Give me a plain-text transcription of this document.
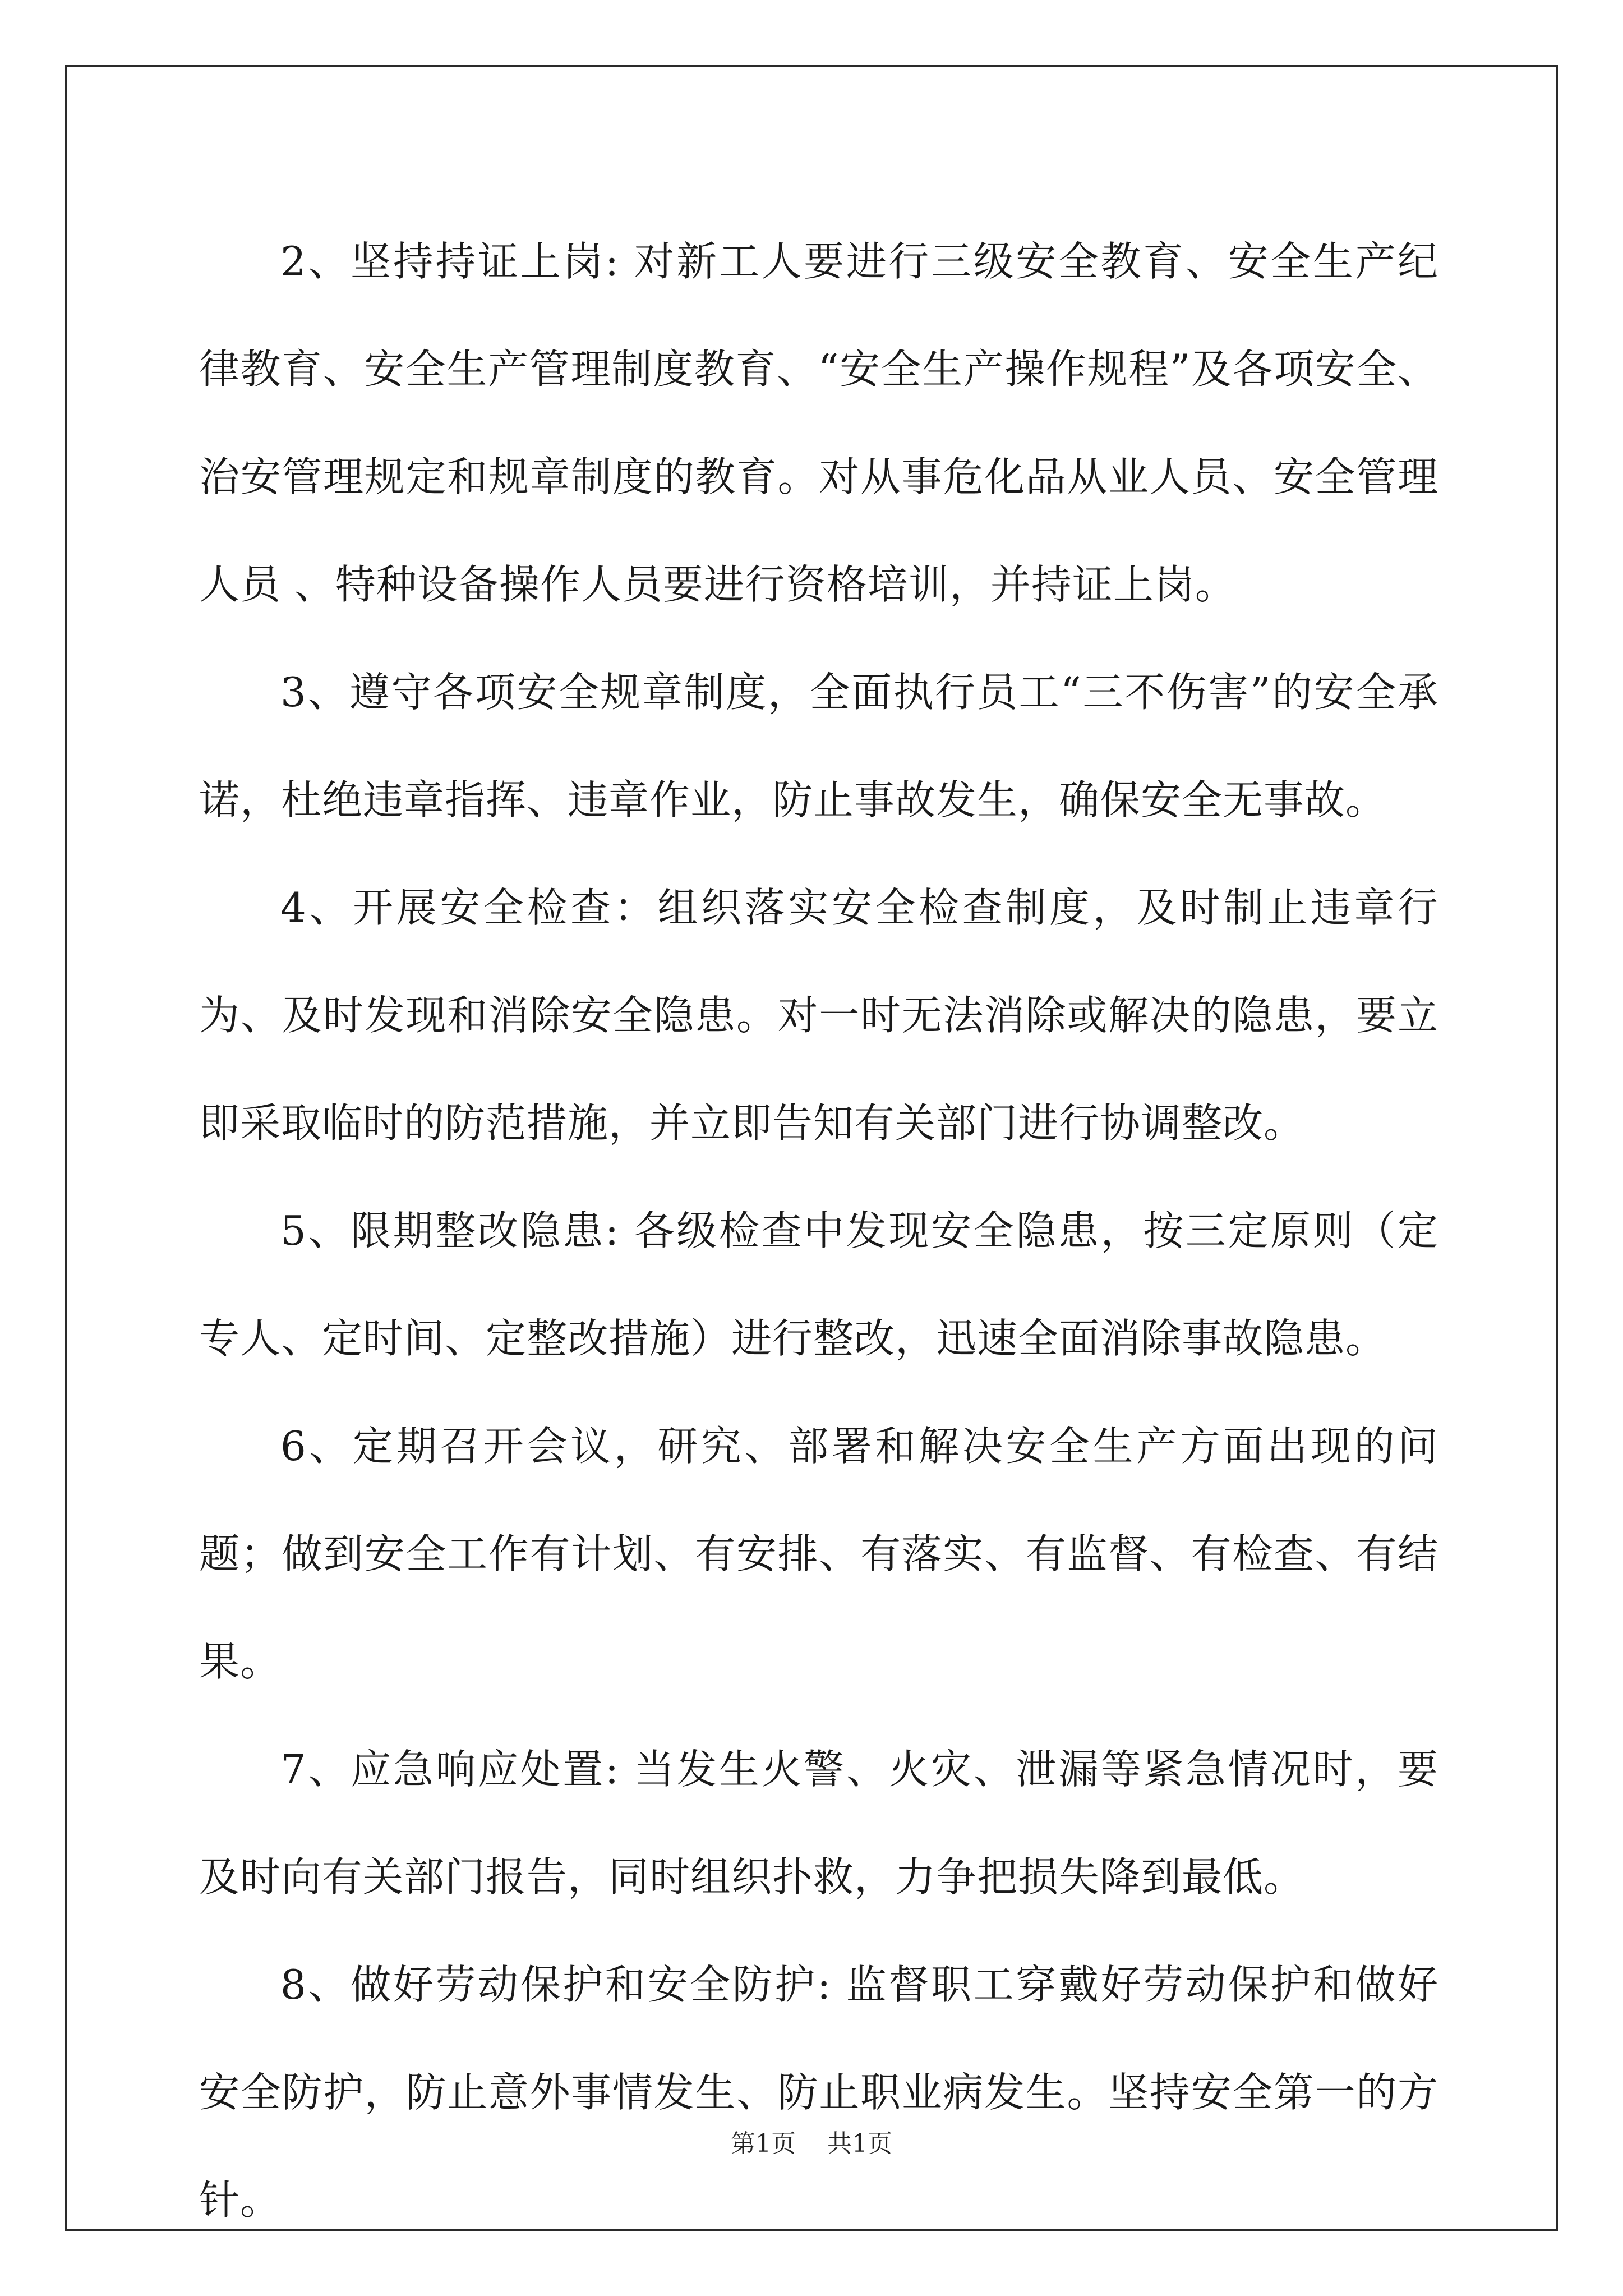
2、坚持持证上岗: 对新工人要进行三级安全教育、安全生产纪律教育、安全生产管理制度教育、“安全生产操作规程”及各项安全、治安管理规定和规章制度的教育。对从事危化品从业人员、安全管理人员 、特种设备操作人员要进行资格培训，并持证上岗。

3、遵守各项安全规章制度，全面执行员工“三不伤害”的安全承诺，杜绝违章指挥、违章作业，防止事故发生，确保安全无事故。

4、开展安全检查：组织落实安全检查制度，及时制止违章行为、及时发现和消除安全隐患。对一时无法消除或解决的隐患，要立即采取临时的防范措施，并立即告知有关部门进行协调整改。

5、限期整改隐患: 各级检查中发现安全隐患，按三定原则（定专人、定时间、定整改措施）进行整改，迅速全面消除事故隐患。

6、定期召开会议，研究、部署和解决安全生产方面出现的问题；做到安全工作有计划、有安排、有落实、有监督、有检查、有结果。

7、应急响应处置: 当发生火警、火灾、泄漏等紧急情况时，要及时向有关部门报告，同时组织扑救，力争把损失降到最低。

8、做好劳动保护和安全防护: 监督职工穿戴好劳动保护和做好安全防护，防止意外事情发生、防止职业病发生。坚持安全第一的方针。

第1页 共1页
